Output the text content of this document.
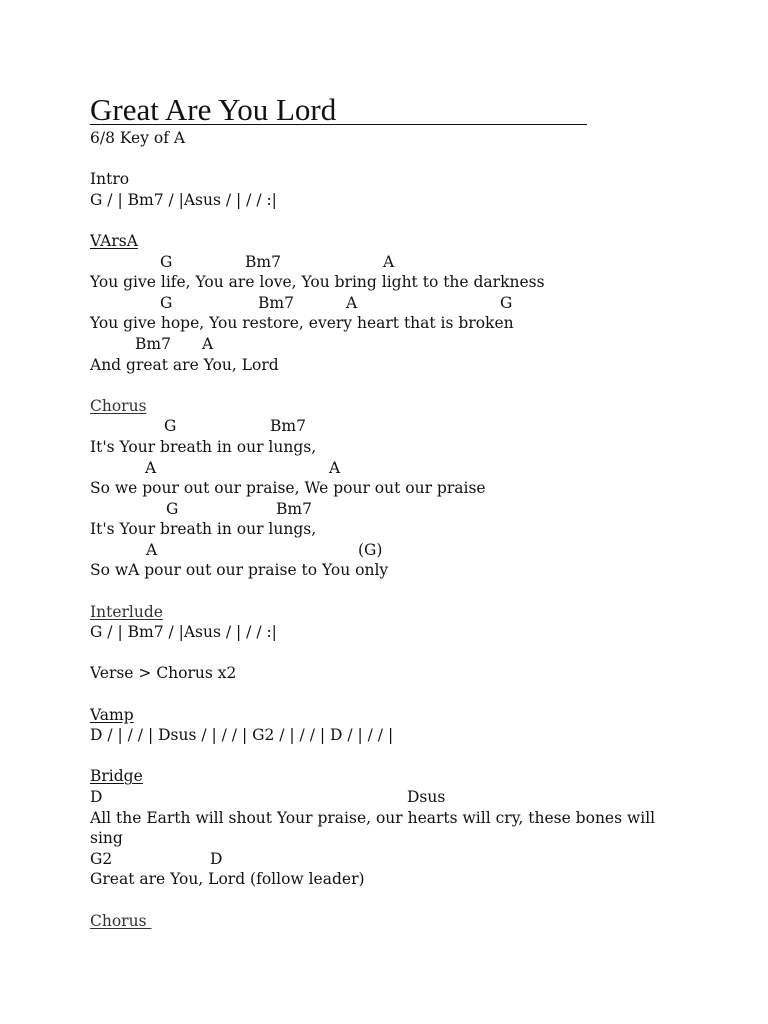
Great Are You Lord
6/8 Key of A
Intro
G / | Bm7 / |Asus / | / / :|
VArsA
G	Bm7	A
You give life, You are love, You bring light to the darkness
G	Bm7	A	G
You give hope, You restore, every heart that is broken
Bm7 A
And great are You, Lord
Chorus
G	Bm7
It's Your breath in our lungs,
A	A
So we pour out our praise, We pour out our praise
G	Bm7
It's Your breath in our lungs,
A	(G)
So wA pour out our praise to You only
Interlude
G / | Bm7 / |Asus / | / / :|
Verse > Chorus x2
Vamp
D / | / / | Dsus / | / / | G2 / | / / | D / | / / |
Bridge
D	Dsus
All the Earth will shout Your praise, our hearts will cry, these bones will sing
G2	D
Great are You, Lord (follow leader)
Chorus
